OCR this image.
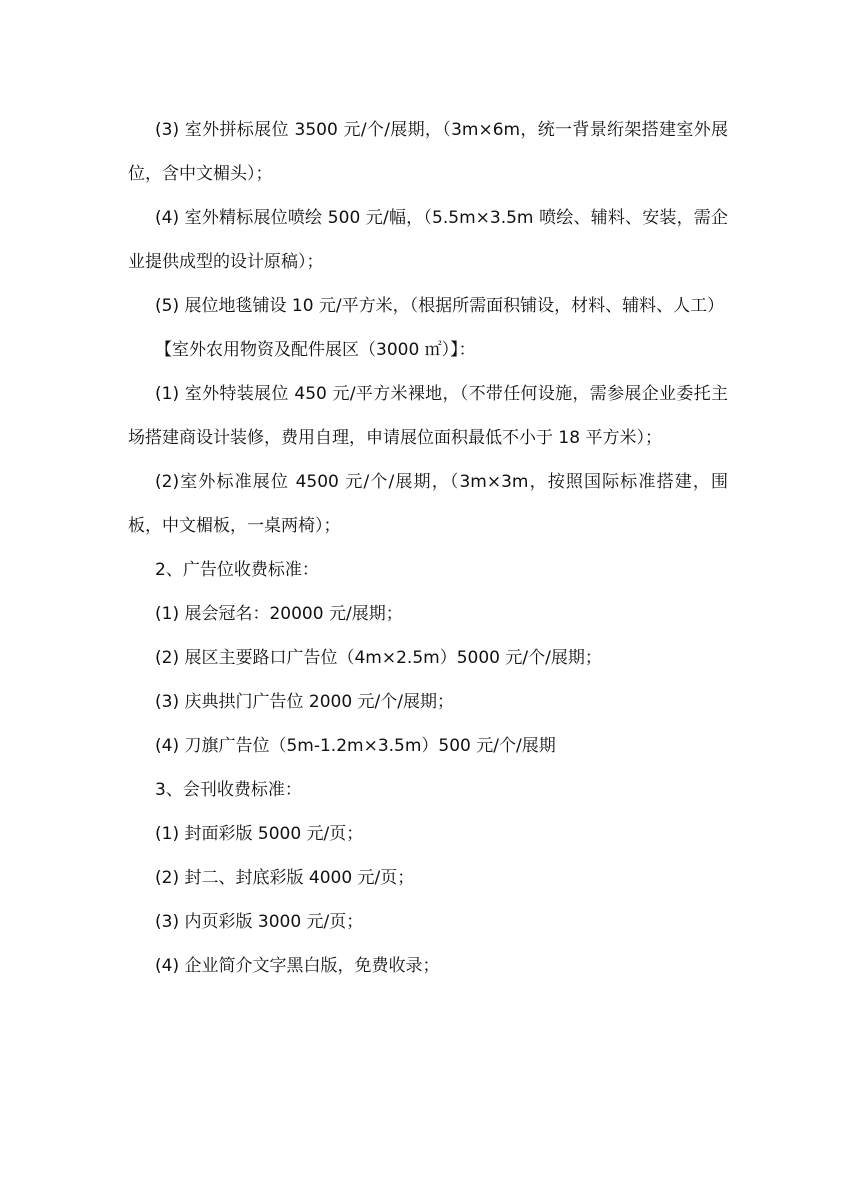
(3) 室外拼标展位 3500 元/个/展期，（3m×6m，统一背景绗架搭建室外展位，含中文楣头）；

(4) 室外精标展位喷绘 500 元/幅，（5.5m×3.5m 喷绘、辅料、安装，需企业提供成型的设计原稿）；

(5) 展位地毯铺设 10 元/平方米，（根据所需面积铺设，材料、辅料、人工）

【室外农用物资及配件展区（3000 ㎡）】：

(1) 室外特装展位 450 元/平方米裸地，（不带任何设施，需参展企业委托主场搭建商设计装修，费用自理，申请展位面积最低不小于 18 平方米）；

(2)室外标准展位 4500 元/个/展期，（3m×3m，按照国际标准搭建，围板，中文楣板，一桌两椅）；

2、广告位收费标准：

(1) 展会冠名：20000 元/展期；

(2) 展区主要路口广告位（4m×2.5m）5000 元/个/展期；

(3) 庆典拱门广告位 2000 元/个/展期；

(4) 刀旗广告位（5m-1.2m×3.5m）500 元/个/展期

3、会刊收费标准：

(1) 封面彩版 5000 元/页；

(2) 封二、封底彩版 4000 元/页；

(3) 内页彩版 3000 元/页；

(4) 企业简介文字黑白版，免费收录；
